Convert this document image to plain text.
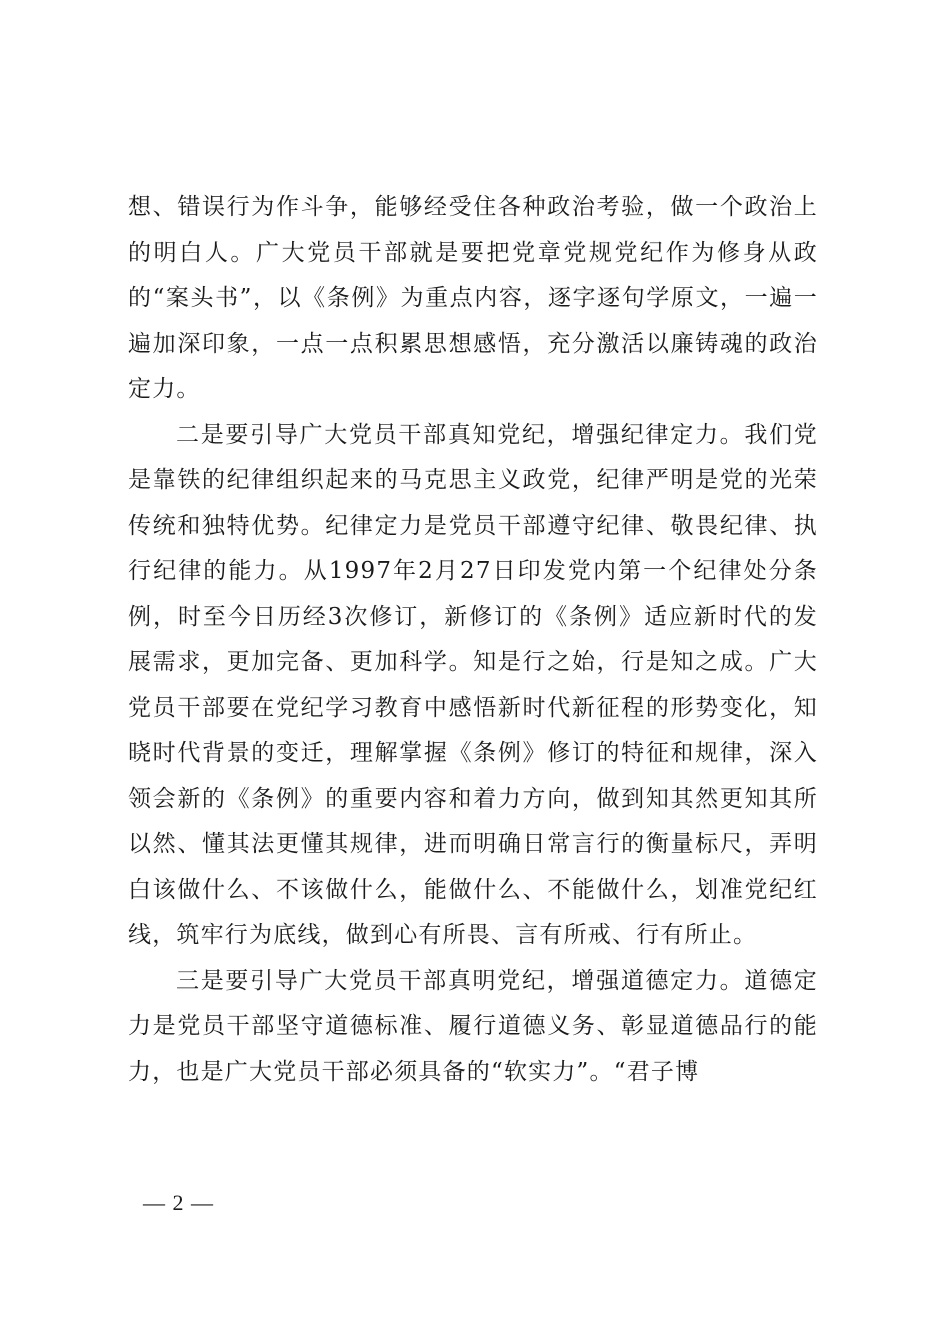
想、错误行为作斗争，能够经受住各种政治考验，做一个政治上的明白人。广大党员干部就是要把党章党规党纪作为修身从政的“案头书”，以《条例》为重点内容，逐字逐句学原文，一遍一遍加深印象，一点一点积累思想感悟，充分激活以廉铸魂的政治定力。

二是要引导广大党员干部真知党纪，增强纪律定力。我们党是靠铁的纪律组织起来的马克思主义政党，纪律严明是党的光荣传统和独特优势。纪律定力是党员干部遵守纪律、敬畏纪律、执行纪律的能力。从1997年2月27日印发党内第一个纪律处分条例，时至今日历经3次修订，新修订的《条例》适应新时代的发展需求，更加完备、更加科学。知是行之始，行是知之成。广大党员干部要在党纪学习教育中感悟新时代新征程的形势变化，知晓时代背景的变迁，理解掌握《条例》修订的特征和规律，深入领会新的《条例》的重要内容和着力方向，做到知其然更知其所以然、懂其法更懂其规律，进而明确日常言行的衡量标尺，弄明白该做什么、不该做什么，能做什么、不能做什么，划准党纪红线，筑牢行为底线，做到心有所畏、言有所戒、行有所止。

三是要引导广大党员干部真明党纪，增强道德定力。道德定力是党员干部坚守道德标准、履行道德义务、彰显道德品行的能力，也是广大党员干部必须具备的“软实力”。“君子博

— 2 —
